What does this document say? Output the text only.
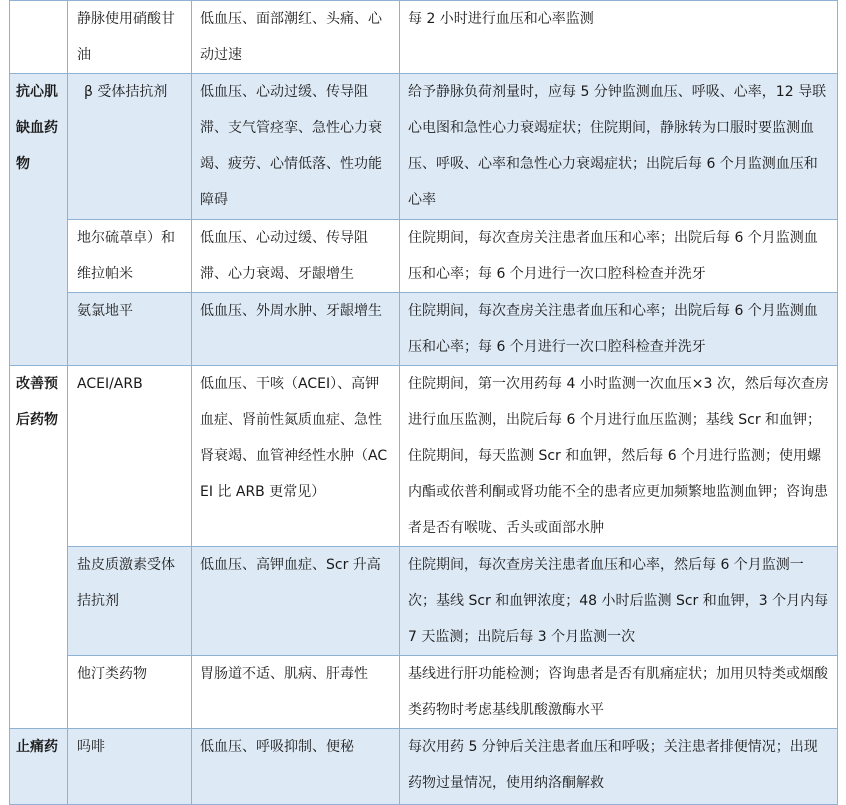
	静脉使用硝酸甘油	低血压、面部潮红、头痛、心动过速	每 2 小时进行血压和心率监测
抗心肌缺血药物	β 受体拮抗剂	低血压、心动过缓、传导阻滞、支气管痉挛、急性心力衰竭、疲劳、心情低落、性功能障碍	给予静脉负荷剂量时，应每 5 分钟监测血压、呼吸、心率，12 导联心电图和急性心力衰竭症状；住院期间，静脉转为口服时要监测血压、呼吸、心率和急性心力衰竭症状；出院后每 6 个月监测血压和心率
	地尔硫䓬卓）和维拉帕米	低血压、心动过缓、传导阻滞、心力衰竭、牙龈增生	住院期间，每次查房关注患者血压和心率；出院后每 6 个月监测血压和心率；每 6 个月进行一次口腔科检查并洗牙
	氨氯地平	低血压、外周水肿、牙龈增生	住院期间，每次查房关注患者血压和心率；出院后每 6 个月监测血压和心率；每 6 个月进行一次口腔科检查并洗牙
改善预后药物	ACEI/ARB	低血压、干咳（ACEI）、高钾血症、肾前性氮质血症、急性肾衰竭、血管神经性水肿（ACEI 比 ARB 更常见）	住院期间，第一次用药每 4 小时监测一次血压×3 次，然后每次查房进行血压监测，出院后每 6 个月进行血压监测；基线 Scr 和血钾；住院期间，每天监测 Scr 和血钾，然后每 6 个月进行监测；使用螺内酯或依普利酮或肾功能不全的患者应更加频繁地监测血钾；咨询患者是否有喉咙、舌头或面部水肿
	盐皮质激素受体拮抗剂	低血压、高钾血症、Scr 升高	住院期间，每次查房关注患者血压和心率，然后每 6 个月监测一次；基线 Scr 和血钾浓度；48 小时后监测 Scr 和血钾，3 个月内每 7 天监测；出院后每 3 个月监测一次
	他汀类药物	胃肠道不适、肌病、肝毒性	基线进行肝功能检测；咨询患者是否有肌痛症状；加用贝特类或烟酸类药物时考虑基线肌酸激酶水平
止痛药	吗啡	低血压、呼吸抑制、便秘	每次用药 5 分钟后关注患者血压和呼吸；关注患者排便情况；出现药物过量情况，使用纳洛酮解救
